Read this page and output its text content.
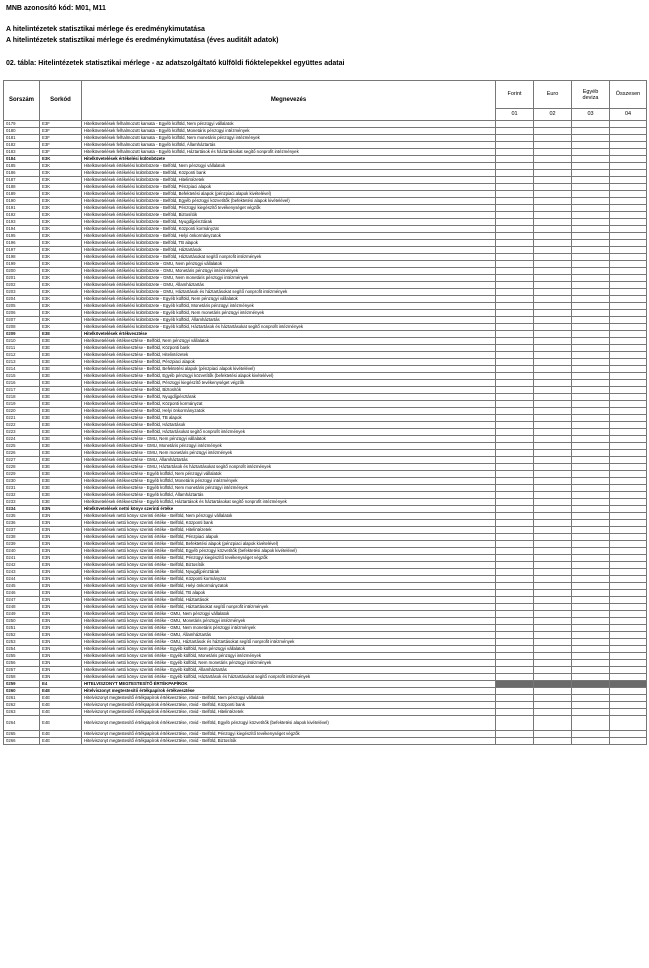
MNB azonosító kód: M01, M11
A hitelintézetek statisztikai mérlege és eredménykimutatása
A hitelintézetek statisztikai mérlege és eredménykimutatása (éves auditált adatok)
02. tábla: Hitelintézetek statisztikai mérlege - az adatszolgáltató külföldi fióktelepekkel együttes adatai
Sorszám	Sorkód	Megnevezés	Forint	Euro	Egyéb deviza	Összesen
			01	02	03	04
0179	E3F	Hitelkövetelések felhalmozott kamata - Egyéb külföld, Nem pénzügyi vállalatok				
0180	E3F	Hitelkövetelések felhalmozott kamata - Egyéb külföld, Monetáris pénzügyi intézmények				
0181	E3F	Hitelkövetelések felhalmozott kamata - Egyéb külföld, Nem monetáris pénzügyi intézmények				
0182	E3F	Hitelkövetelések felhalmozott kamata - Egyéb külföld, Államháztartás				
0183	E3F	Hitelkövetelések felhalmozott kamata - Egyéb külföld, Háztartások és háztartásokat segítő nonprofit intézmények				
0184	E3K	Hitelkövetelések értékelési különbözete				
0185	E3K	Hitelkövetelések értékelési különbözete - Belföld, Nem pénzügyi vállalatok				
0186	E3K	Hitelkövetelések értékelési különbözete - Belföld, Központi bank				
0187	E3K	Hitelkövetelések értékelési különbözete - Belföld, Hitelintézetek				
0188	E3K	Hitelkövetelések értékelési különbözete - Belföld, Pénzpiaci alapok				
0189	E3K	Hitelkövetelések értékelési különbözete - Belföld, Befektetési alapok (pénzpiaci alapok kivételével)				
0190	E3K	Hitelkövetelések értékelési különbözete - Belföld, Egyéb pénzügyi közvetítők (befektetési alapok kivételével)				
0191	E3K	Hitelkövetelések értékelési különbözete - Belföld, Pénzügyi kiegészítő tevékenységet végzők				
0192	E3K	Hitelkövetelések értékelési különbözete - Belföld, Biztosítók				
0193	E3K	Hitelkövetelések értékelési különbözete - Belföld, Nyugdíjpénztárak				
0194	E3K	Hitelkövetelések értékelési különbözete - Belföld, Központi kormányzat				
0195	E3K	Hitelkövetelések értékelési különbözete - Belföld, Helyi önkormányzatok				
0196	E3K	Hitelkövetelések értékelési különbözete - Belföld, TB alapok				
0197	E3K	Hitelkövetelések értékelési különbözete - Belföld, Háztartások				
0198	E3K	Hitelkövetelések értékelési különbözete - Belföld, Háztartásokat segítő nonprofit intézmények				
0199	E3K	Hitelkövetelések értékelési különbözete - GMU, Nem pénzügyi vállalatok				
0200	E3K	Hitelkövetelések értékelési különbözete - GMU, Monetáris pénzügyi intézmények				
0201	E3K	Hitelkövetelések értékelési különbözete - GMU, Nem monetáris pénzügyi intézmények				
0202	E3K	Hitelkövetelések értékelési különbözete - GMU, Államháztartás				
0203	E3K	Hitelkövetelések értékelési különbözete - GMU, Háztartások és háztartásokat segítő nonprofit intézmények				
0204	E3K	Hitelkövetelések értékelési különbözete - Egyéb külföld, Nem pénzügyi vállalatok				
0205	E3K	Hitelkövetelések értékelési különbözete - Egyéb külföld, Monetáris pénzügyi intézmények				
0206	E3K	Hitelkövetelések értékelési különbözete - Egyéb külföld, Nem monetáris pénzügyi intézmények				
0207	E3K	Hitelkövetelések értékelési különbözete - Egyéb külföld, Államháztartás				
0208	E3K	Hitelkövetelések értékelési különbözete - Egyéb külföld, Háztartások és háztartásokat segítő nonprofit intézmények				
0209	E3E	Hitelkövetelések értékvesztése				
0210	E3E	Hitelkövetelések értékvesztése - Belföld, Nem pénzügyi vállalatok				
0211	E3E	Hitelkövetelések értékvesztése - Belföld, Központi bank				
0212	E3E	Hitelkövetelések értékvesztése - Belföld, Hitelintézetek				
0213	E3E	Hitelkövetelések értékvesztése - Belföld, Pénzpiaci alapok				
0214	E3E	Hitelkövetelések értékvesztése - Belföld, Befektetési alapok (pénzpiaci alapok kivételével)				
0215	E3E	Hitelkövetelések értékvesztése - Belföld, Egyéb pénzügyi közvetítők (befektetési alapok kivételével)				
0216	E3E	Hitelkövetelések értékvesztése - Belföld, Pénzügyi kiegészítő tevékenységet végzők				
0217	E3E	Hitelkövetelések értékvesztése - Belföld, Biztosítók				
0218	E3E	Hitelkövetelések értékvesztése - Belföld, Nyugdíjpénztárak				
0219	E3E	Hitelkövetelések értékvesztése - Belföld, Központi kormányzat				
0220	E3E	Hitelkövetelések értékvesztése - Belföld, Helyi önkormányzatok				
0221	E3E	Hitelkövetelések értékvesztése - Belföld, TB alapok				
0222	E3E	Hitelkövetelések értékvesztése - Belföld, Háztartások				
0223	E3E	Hitelkövetelések értékvesztése - Belföld, Háztartásokat segítő nonprofit intézmények				
0224	E3E	Hitelkövetelések értékvesztése - GMU, Nem pénzügyi vállalatok				
0225	E3E	Hitelkövetelések értékvesztése - GMU, Monetáris pénzügyi intézmények				
0226	E3E	Hitelkövetelések értékvesztése - GMU, Nem monetáris pénzügyi intézmények				
0227	E3E	Hitelkövetelések értékvesztése - GMU, Államháztartás				
0228	E3E	Hitelkövetelések értékvesztése - GMU, Háztartások és háztartásokat segítő nonprofit intézmények				
0229	E3E	Hitelkövetelések értékvesztése - Egyéb külföld, Nem pénzügyi vállalatok				
0230	E3E	Hitelkövetelések értékvesztése - Egyéb külföld, Monetáris pénzügyi intézmények				
0231	E3E	Hitelkövetelések értékvesztése - Egyéb külföld, Nem monetáris pénzügyi intézmények				
0232	E3E	Hitelkövetelések értékvesztése - Egyéb külföld, Államháztartás				
0233	E3E	Hitelkövetelések értékvesztése - Egyéb külföld, Háztartások és háztartásokat segítő nonprofit intézmények				
0234	E3N	Hitelkövetelések nettó könyv szerinti értéke				
0235	E3N	Hitelkövetelések nettó könyv szerinti értéke - Belföld, Nem pénzügyi vállalatok				
0236	E3N	Hitelkövetelések nettó könyv szerinti értéke - Belföld, Központi bank				
0237	E3N	Hitelkövetelések nettó könyv szerinti értéke - Belföld, Hitelintézetek				
0238	E3N	Hitelkövetelések nettó könyv szerinti értéke - Belföld, Pénzpiaci alapok				
0239	E3N	Hitelkövetelések nettó könyv szerinti értéke - Belföld, Befektetési alapok (pénzpiaci alapok kivételével)				
0240	E3N	Hitelkövetelések nettó könyv szerinti értéke - Belföld, Egyéb pénzügyi közvetítők (befektetési alapok kivételével)				
0241	E3N	Hitelkövetelések nettó könyv szerinti értéke - Belföld, Pénzügyi kiegészítő tevékenységet végzők				
0242	E3N	Hitelkövetelések nettó könyv szerinti értéke - Belföld, Biztosítók				
0243	E3N	Hitelkövetelések nettó könyv szerinti értéke - Belföld, Nyugdíjpénztárak				
0244	E3N	Hitelkövetelések nettó könyv szerinti értéke - Belföld, Központi kormányzat				
0245	E3N	Hitelkövetelések nettó könyv szerinti értéke - Belföld, Helyi önkormányzatok				
0246	E3N	Hitelkövetelések nettó könyv szerinti értéke - Belföld, TB alapok				
0247	E3N	Hitelkövetelések nettó könyv szerinti értéke - Belföld, Háztartások				
0248	E3N	Hitelkövetelések nettó könyv szerinti értéke - Belföld, Háztartásokat segítő nonprofit intézmények				
0249	E3N	Hitelkövetelések nettó könyv szerinti értéke - GMU, Nem pénzügyi vállalatok				
0250	E3N	Hitelkövetelések nettó könyv szerinti értéke - GMU, Monetáris pénzügyi intézmények				
0251	E3N	Hitelkövetelések nettó könyv szerinti értéke - GMU, Nem monetáris pénzügyi intézmények				
0252	E3N	Hitelkövetelések nettó könyv szerinti értéke - GMU, Államháztartás				
0253	E3N	Hitelkövetelések nettó könyv szerinti értéke - GMU, Háztartások és háztartásokat segítő nonprofit intézmények				
0254	E3N	Hitelkövetelések nettó könyv szerinti értéke - Egyéb külföld, Nem pénzügyi vállalatok				
0255	E3N	Hitelkövetelések nettó könyv szerinti értéke - Egyéb külföld, Monetáris pénzügyi intézmények				
0256	E3N	Hitelkövetelések nettó könyv szerinti értéke - Egyéb külföld, Nem monetáris pénzügyi intézmények				
0257	E3N	Hitelkövetelések nettó könyv szerinti értéke - Egyéb külföld, Államháztartás				
0258	E3N	Hitelkövetelések nettó könyv szerinti értéke - Egyéb külföld, Háztartások és háztartásokat segítő nonprofit intézmények				
0259	E4	HITELVISZONYT MEGTESTESÍTŐ ÉRTÉKPAPÍROK				
0260	E4E	Hitelviszonyt megtestesítő értékpapírok értékvesztése				
0261	E4E	Hitelviszonyt megtestesítő értékpapírok értékvesztése, rövid - Belföld, Nem pénzügyi vállalatok				
0262	E4E	Hitelviszonyt megtestesítő értékpapírok értékvesztése, rövid - Belföld, Központi bank				
0263	E4E	Hitelviszonyt megtestesítő értékpapírok értékvesztése, rövid - Belföld, Hitelintézetek				
0264	E4E	Hitelviszonyt megtestesítő értékpapírok értékvesztése, rövid - Belföld, Egyéb pénzügyi közvetítők (befektetési alapok kivételével)				
0265	E4E	Hitelviszonyt megtestesítő értékpapírok értékvesztése, rövid - Belföld, Pénzügyi kiegészítő tevékenységet végzők				
0266	E4E	Hitelviszonyt megtestesítő értékpapírok értékvesztése, rövid - Belföld, Biztosítók				
